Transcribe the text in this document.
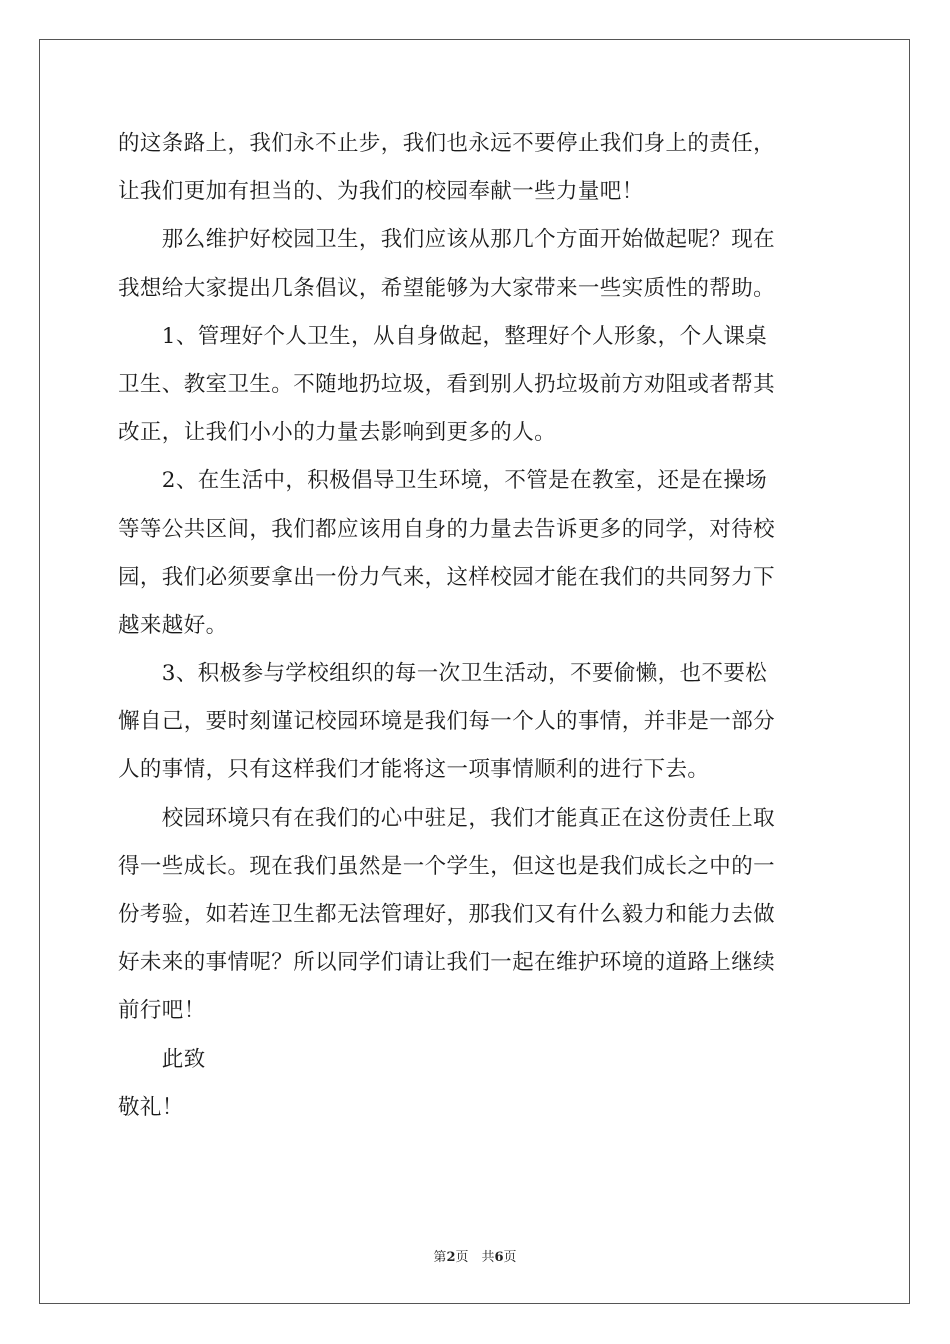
的这条路上，我们永不止步，我们也永远不要停止我们身上的责任，
让我们更加有担当的、为我们的校园奉献一些力量吧！
　　那么维护好校园卫生，我们应该从那几个方面开始做起呢？现在
我想给大家提出几条倡议，希望能够为大家带来一些实质性的帮助。
　　1、管理好个人卫生，从自身做起，整理好个人形象，个人课桌
卫生、教室卫生。不随地扔垃圾，看到别人扔垃圾前方劝阻或者帮其
改正，让我们小小的力量去影响到更多的人。
　　2、在生活中，积极倡导卫生环境，不管是在教室，还是在操场
等等公共区间，我们都应该用自身的力量去告诉更多的同学，对待校
园，我们必须要拿出一份力气来，这样校园才能在我们的共同努力下
越来越好。
　　3、积极参与学校组织的每一次卫生活动，不要偷懒，也不要松
懈自己，要时刻谨记校园环境是我们每一个人的事情，并非是一部分
人的事情，只有这样我们才能将这一项事情顺利的进行下去。
　　校园环境只有在我们的心中驻足，我们才能真正在这份责任上取
得一些成长。现在我们虽然是一个学生，但这也是我们成长之中的一
份考验，如若连卫生都无法管理好，那我们又有什么毅力和能力去做
好未来的事情呢？所以同学们请让我们一起在维护环境的道路上继续
前行吧！
　　此致
敬礼！
第2页　共6页
